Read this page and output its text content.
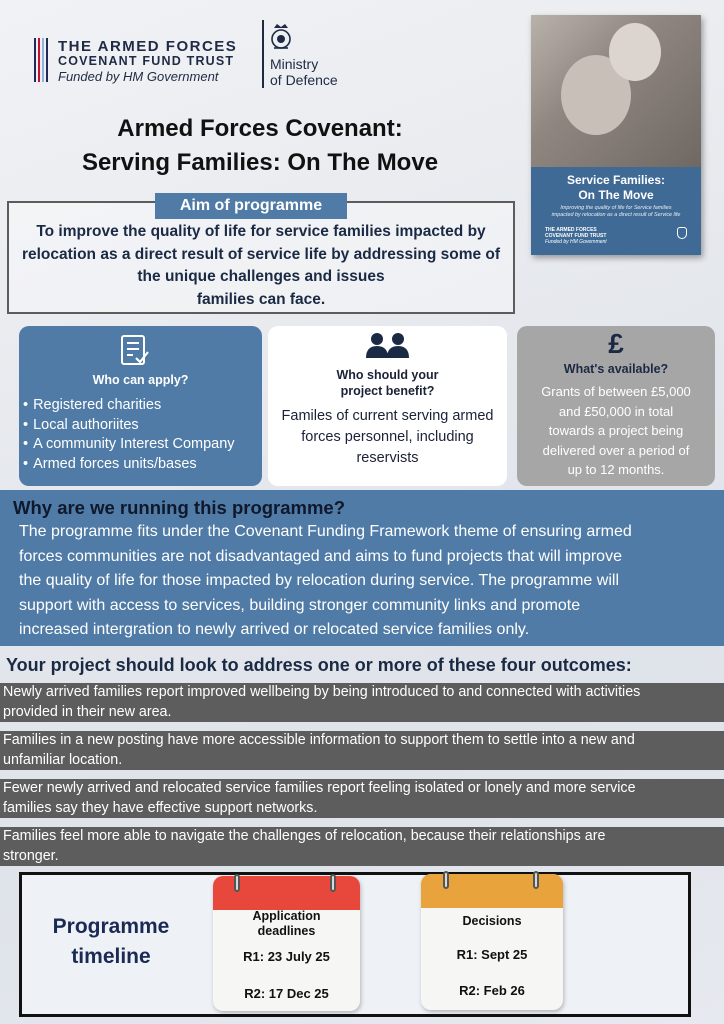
THE ARMED FORCES
COVENANT FUND TRUST
Funded by HM Government
Ministry
of Defence
Armed Forces Covenant:
Serving Families: On The Move
Service Families:
On The Move
Improving the quality of life for Service families
impacted by relocation as a direct result of Service life
THE ARMED FORCES
COVENANT FUND TRUST
Funded by HM Government
Aim of programme
To improve the quality of life for service families impacted by
relocation as a direct result of service life by addressing some of
the unique challenges and issues
families can face.
Who can apply?
• Registered charities
• Local authoriites
• A community Interest Company
• Armed forces units/bases
Who should your
project benefit?
Familes of current serving armed
forces personnel, including
reservists
£
What's available?
Grants of between £5,000
and £50,000 in total
towards a project being
delivered over a period of
up to 12 months.
Why are we running this programme?
The programme fits under the Covenant Funding Framework theme of ensuring armed
forces communities are not disadvantaged and aims to fund projects that will improve
the quality of life for those impacted by relocation during service. The programme will
support with access to services, building stronger community links and promote
increased intergration to newly arrived or relocated service families only.
Your project should look to address one or more of these four outcomes:
Newly arrived families report improved wellbeing by being introduced to and connected with activities
provided in their new area.
Families in a new posting have more accessible information to support them to settle into a new and
unfamiliar location.
Fewer newly arrived and relocated service families report feeling isolated or lonely and more service
families say they have effective support networks.
Families feel more able to navigate the challenges of relocation, because their relationships are
stronger.
Programme
timeline
Application
deadlines
R1: 23 July 25
R2: 17 Dec 25
Decisions
R1: Sept 25
R2: Feb 26
